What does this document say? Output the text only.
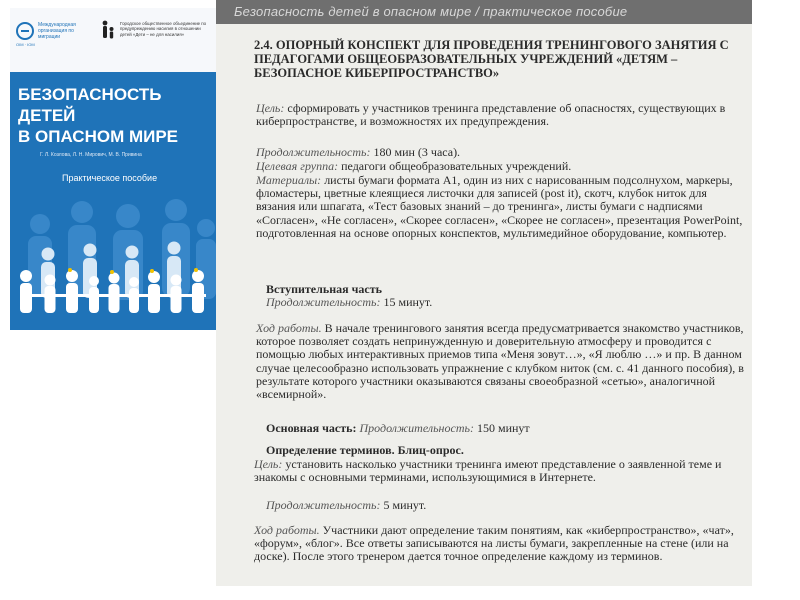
Международная организация по миграции
OIM · IOM
Городское общественное объединение по предупреждению насилия в отношении детей «Дети – не для насилия»
БЕЗОПАСНОСТЬ ДЕТЕЙ
В ОПАСНОМ МИРЕ
Г. Л. Козлова, Л. Н. Мирович, М. В. Привина
Практическое пособие
Безопасность детей в опасном мире / практическое пособие
2.4. ОПОРНЫЙ КОНСПЕКТ ДЛЯ ПРОВЕДЕНИЯ ТРЕНИНГОВОГО ЗАНЯТИЯ С ПЕДАГОГАМИ ОБЩЕОБРАЗОВАТЕЛЬНЫХ УЧРЕЖДЕНИЙ «ДЕТЯМ – БЕЗОПАСНОЕ КИБЕРПРОСТРАНСТВО»

Цель: сформировать у участников тренинга представление об опасностях, существующих в киберпространстве, и возможностях их предупреждения.

Продолжительность: 180 мин (3 часа).

Целевая группа: педагоги общеобразовательных учреждений.

Материалы: листы бумаги формата А1, один из них с нарисованным подсолнухом, маркеры, фломастеры, цветные клеящиеся листочки для записей (post it), скотч, клубок ниток для вязания или шпагата, «Тест базовых знаний – до тренинга», листы бумаги с надписями «Согласен», «Не согласен», «Скорее согласен», «Скорее не согласен», презентация PowerPoint, подготовленная на основе опорных конспектов, мультимедийное оборудование, компьютер.

Вступительная часть

Продолжительность: 15 минут.

Ход работы. В начале тренингового занятия всегда предусматривается знакомство участников, которое позволяет создать непринужденную и доверительную атмосферу и проводится с помощью любых интерактивных приемов типа «Меня зовут…», «Я люблю …» и пр. В данном случае целесообразно использовать упражнение с клубком ниток (см. с. 41 данного пособия), в результате которого участники оказываются связаны своеобразной «сетью», аналогичной «всемирной».

Основная часть: Продолжительность: 150 минут

Определение терминов. Блиц-опрос.

Цель: установить насколько участники тренинга имеют представление о заявленной теме и знакомы с основными терминами, использующимися в Интернете.

Продолжительность: 5 минут.

Ход работы. Участники дают определение таким понятиям, как «киберпространство», «чат», «форум», «блог». Все ответы записываются на листы бумаги, закрепленные на стене (или на доске). После этого тренером дается точное определение каждому из терминов.
